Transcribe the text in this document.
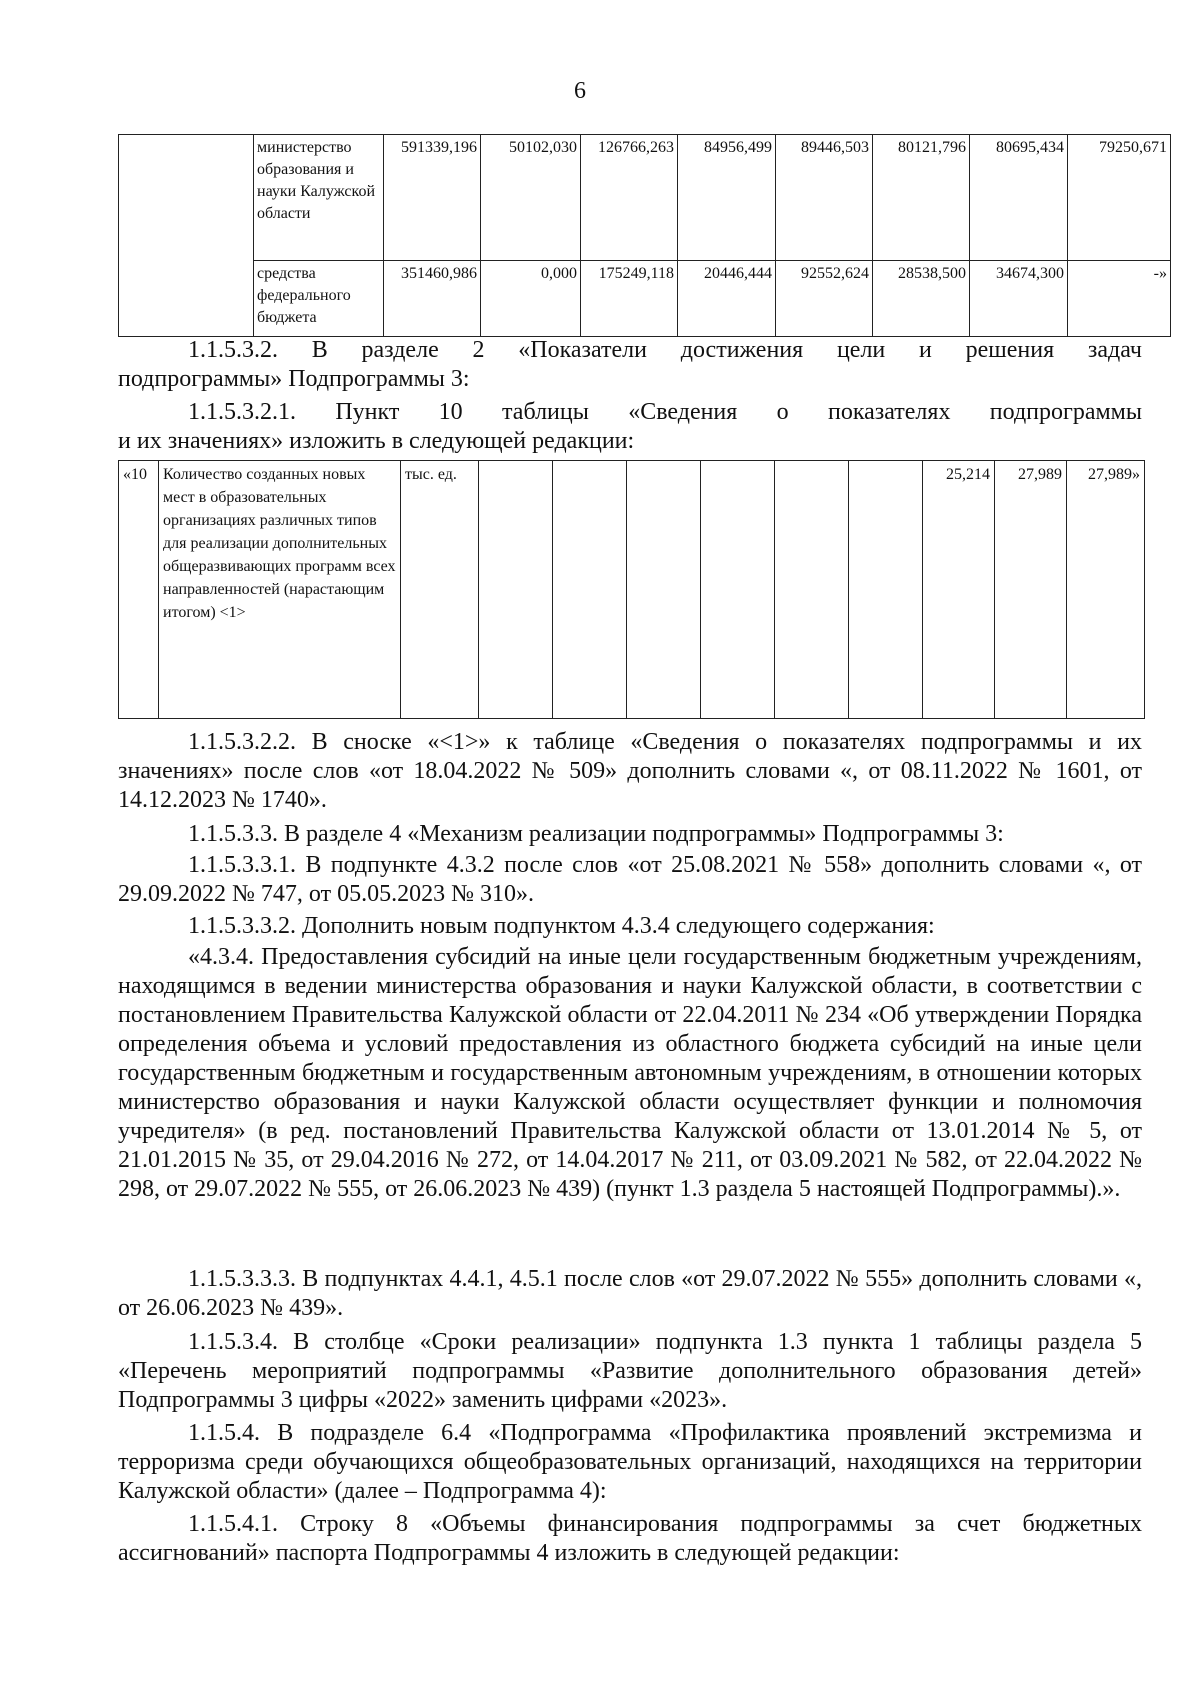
6
	министерство образования и науки Калужской области	591339,196	50102,030	126766,263	84956,499	89446,503	80121,796	80695,434	79250,671
	средства федерального бюджета	351460,986	0,000	175249,118	20446,444	92552,624	28538,500	34674,300	-»

1.1.5.3.2. В разделе 2 «Показатели достижения цели и решения задач

подпрограммы» Подпрограммы 3:

1.1.5.3.2.1. Пункт 10 таблицы «Сведения о показателях подпрограммы

и их значениях» изложить в следующей редакции:

«10	Количество созданных новых мест в образовательных организациях различных типов для реализации дополнительных общеразвивающих программ всех направленностей (нарастающим итогом) <1>	тыс. ед.							25,214	27,989	27,989»

1.1.5.3.2.2. В сноске «<1>» к таблице «Сведения о показателях подпрограммы и их значениях» после слов «от 18.04.2022 № 509» дополнить словами «, от 08.11.2022 № 1601, от 14.12.2023 № 1740».

1.1.5.3.3. В разделе 4 «Механизм реализации подпрограммы» Подпрограммы 3:

1.1.5.3.3.1. В подпункте 4.3.2 после слов «от 25.08.2021 № 558» дополнить словами «, от 29.09.2022 № 747, от 05.05.2023 № 310».

1.1.5.3.3.2. Дополнить новым подпунктом 4.3.4 следующего содержания:

«4.3.4. Предоставления субсидий на иные цели государственным бюджетным учреждениям, находящимся в ведении министерства образования и науки Калужской области, в соответствии с постановлением Правительства Калужской области от 22.04.2011 № 234 «Об утверждении Порядка определения объема и условий предоставления из областного бюджета субсидий на иные цели государственным бюджетным и государственным автономным учреждениям, в отношении которых министерство образования и науки Калужской области осуществляет функции и полномочия учредителя» (в ред. постановлений Правительства Калужской области от 13.01.2014 № 5, от 21.01.2015 № 35, от 29.04.2016 № 272, от 14.04.2017 № 211, от 03.09.2021 № 582, от 22.04.2022 № 298, от 29.07.2022 № 555, от 26.06.2023 № 439) (пункт 1.3 раздела 5 настоящей Подпрограммы).».

1.1.5.3.3.3. В подпунктах 4.4.1, 4.5.1 после слов «от 29.07.2022 № 555» дополнить словами «, от 26.06.2023 № 439».

1.1.5.3.4. В столбце «Сроки реализации» подпункта 1.3 пункта 1 таблицы раздела 5 «Перечень мероприятий подпрограммы «Развитие дополнительного образования детей» Подпрограммы 3 цифры «2022» заменить цифрами «2023».

1.1.5.4. В подразделе 6.4 «Подпрограмма «Профилактика проявлений экстремизма и терроризма среди обучающихся общеобразовательных организаций, находящихся на территории Калужской области» (далее – Подпрограмма 4):

1.1.5.4.1. Строку 8 «Объемы финансирования подпрограммы за счет бюджетных ассигнований» паспорта Подпрограммы 4 изложить в следующей редакции:
